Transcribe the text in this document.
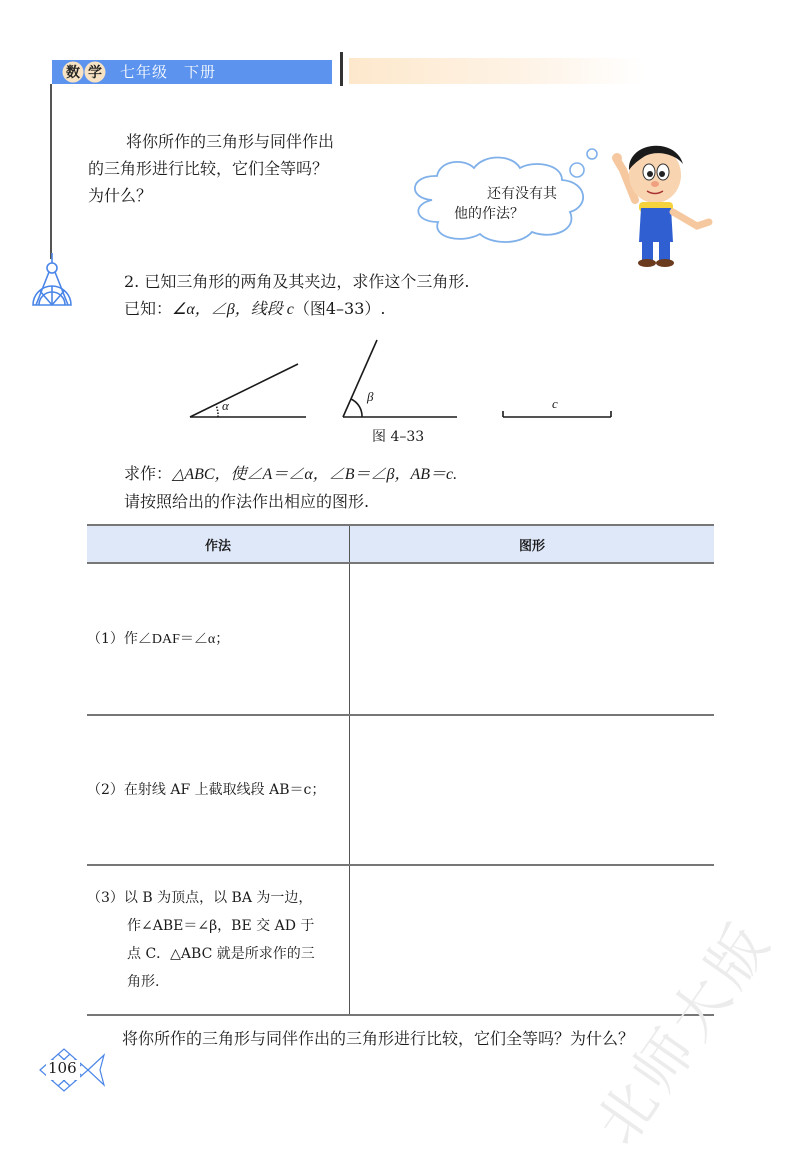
数 学 七年级　下册

将你所作的三角形与同伴作出

的三角形进行比较，它们全等吗？

为什么？	还有没有其
他的作法？

2. 已知三角形的两角及其夹边，求作这个三角形.

已知：∠α，∠β，线段 c（图4–33）.

α
β	c
图 4–33

求作：△ABC，使∠A＝∠α，∠B＝∠β，AB＝c.

请按照给出的作法作出相应的图形.

作法	图形
（1）作∠DAF＝∠α；	
（2）在射线 AF 上截取线段 AB＝c；	
（3）以 B 为顶点，以 BA 为一边，
作∠ABE＝∠β，BE 交 AD 于
点 C．△ABC 就是所求作的三
角形.	

将你所作的三角形与同伴作出的三角形进行比较，它们全等吗？为什么？

106	北师大版
